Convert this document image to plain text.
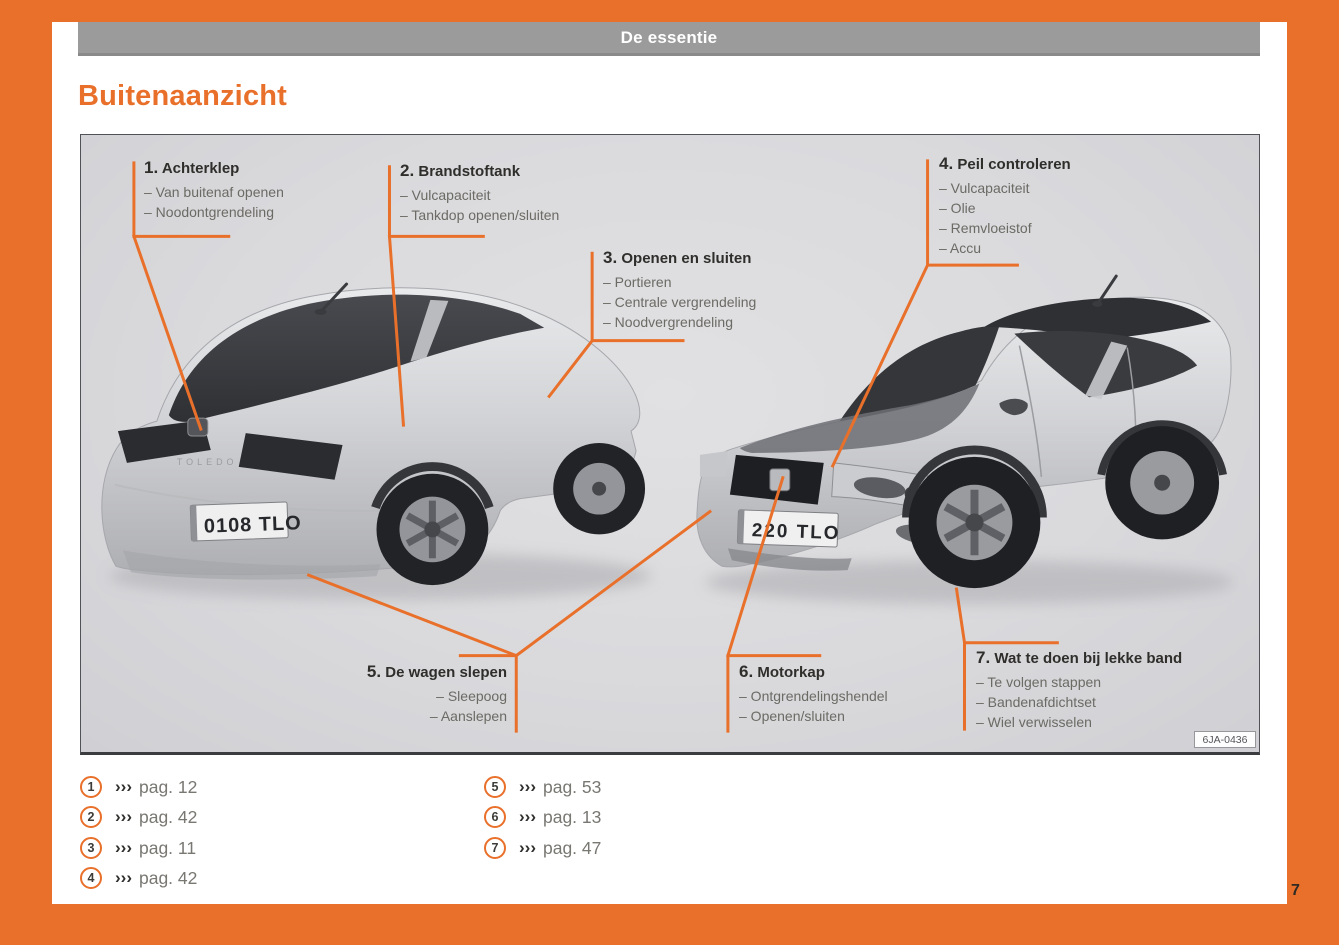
De essentie
Buitenaanzicht
TOLEDO
0108 TLO	220 TLO
1. Achterklep
– Van buitenaf openen
– Noodontgrendeling
2. Brandstoftank
– Vulcapaciteit
– Tankdop openen/sluiten
3. Openen en sluiten
– Portieren
– Centrale vergrendeling
– Noodvergrendeling
4. Peil controleren
– Vulcapaciteit
– Olie
– Remvloeistof
– Accu
5. De wagen slepen
– Sleepoog
– Aanslepen
6. Motorkap
– Ontgrendelingshendel
– Openen/sluiten
7. Wat te doen bij lekke band
– Te volgen stappen
– Bandenafdichtset
– Wiel verwisselen
6JA-0436
1	››› pag. 12
2	››› pag. 42
3	››› pag. 11
4	››› pag. 42
5	››› pag. 53
6	››› pag. 13
7	››› pag. 47
7
